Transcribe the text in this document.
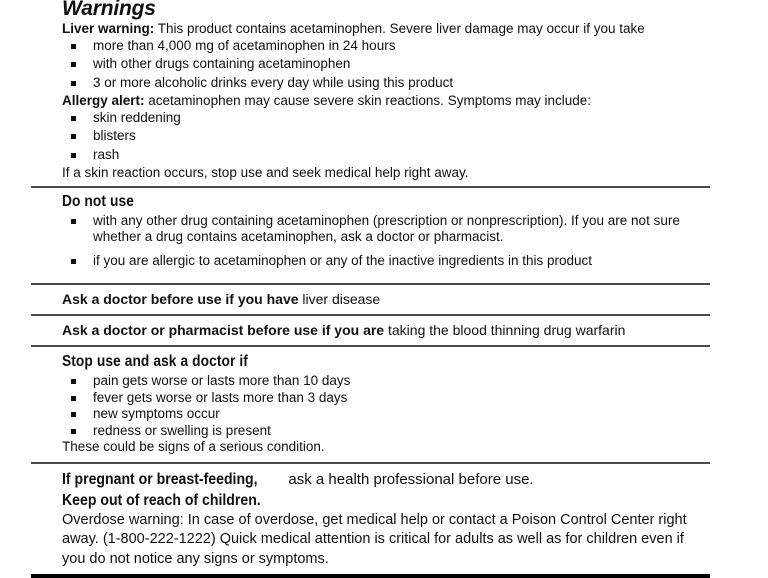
Warnings

Liver warning: This product contains acetaminophen. Severe liver damage may occur if you take

more than 4,000 mg of acetaminophen in 24 hours
with other drugs containing acetaminophen
3 or more alcoholic drinks every day while using this product

Allergy alert: acetaminophen may cause severe skin reactions. Symptoms may include:

skin reddening
blisters
rash

If a skin reaction occurs, stop use and seek medical help right away.

Do not use
with any other drug containing acetaminophen (prescription or nonprescription). If you are not sure whether a drug contains acetaminophen, ask a doctor or pharmacist.
if you are allergic to acetaminophen or any of the inactive ingredients in this product

Ask a doctor before use if you have liver disease

Ask a doctor or pharmacist before use if you are taking the blood thinning drug warfarin

Stop use and ask a doctor if
pain gets worse or lasts more than 10 days
fever gets worse or lasts more than 3 days
new symptoms occur
redness or swelling is present

These could be signs of a serious condition.

If pregnant or breast-feeding, ask a health professional before use.

Keep out of reach of children.

Overdose warning: In case of overdose, get medical help or contact a Poison Control Center right away. (1-800-222-1222) Quick medical attention is critical for adults as well as for children even if you do not notice any signs or symptoms.
